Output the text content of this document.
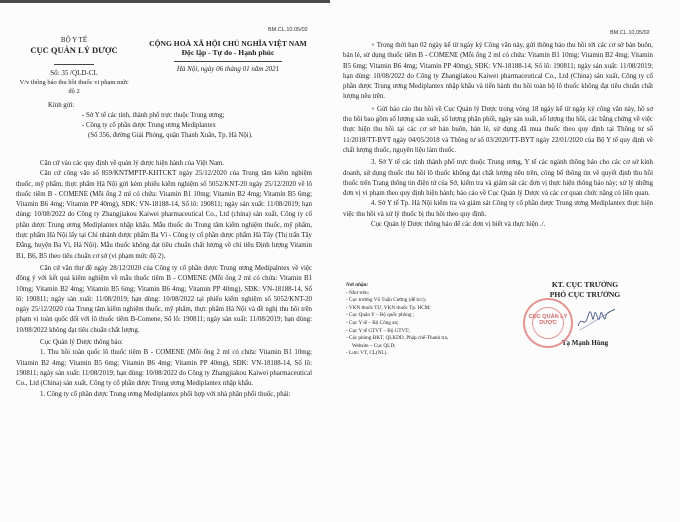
BM.CL.10.05/02
BỘ Y TẾ
CỤC QUẢN LÝ DƯỢC
Số: 35 /QLD-CL
V/v thông báo thu hồi thuốc vi phạm mức độ 2
CỘNG HOÀ XÃ HỘI CHỦ NGHĨA VIỆT NAM
Độc lập - Tự do - Hạnh phúc
Hà Nội, ngày 06 tháng 01 năm 2021
Kính gửi:
- Sở Y tế các tỉnh, thành phố trực thuộc Trung ương;
- Công ty cổ phần dược Trung ương Mediplantex
(Số 356, đường Giải Phóng, quận Thanh Xuân, Tp. Hà Nội).

Căn cứ vào các quy định về quản lý dược hiện hành của Việt Nam.

Căn cứ công văn số 859/KNTMPTP-KHTCKT ngày 25/12/2020 của Trung tâm kiểm nghiệm thuốc, mỹ phẩm, thực phẩm Hà Nội gửi kèm phiếu kiểm nghiệm số 5052/KNT-20 ngày 25/12/2020 về lô thuốc tiêm B - COMENE (Mỗi ống 2 ml có chứa: Vitamin B1 10mg; Vitamin B2 4mg; Vitamin B5 6mg; Vitamin B6 4mg; Vitamin PP 40mg), SĐK: VN-18188-14, Số lô: 190811; ngày sản xuất: 11/08/2019; hạn dùng: 10/08/2022 do Công ty Zhangjiakou Kaiwei pharmaceutical Co., Ltd (china) sản xuất, Công ty cổ phần dược Trung ương Mediplantex nhập khẩu. Mẫu thuốc do Trung tâm kiểm nghiệm thuốc, mỹ phẩm, thực phẩm Hà Nội lấy tại Chi nhánh dược phẩm Ba Vì - Công ty cổ phần dược phẩm Hà Tây (Thị trấn Tây Đằng, huyện Ba Vì, Hà Nội). Mẫu thuốc không đạt tiêu chuẩn chất lượng về chỉ tiêu Định lượng Vitamin B1, B6, B5 theo tiêu chuẩn cơ sở (vi phạm mức độ 2).

Căn cứ văn thư đề ngày 28/12/2020 của Công ty cổ phần dược Trung ương Medipalntex về việc đồng ý với kết quả kiểm nghiệm về mẫu thuốc tiêm B - COMENE (Mỗi ống 2 ml có chứa: Vitamin B1 10mg; Vitamin B2 4mg; Vitamin B5 6mg; Vitamin B6 4mg; Vitamin PP 40mg), SĐK: VN-18188-14, Số lô: 190811; ngày sản xuất: 11/08/2019; hạn dùng: 10/08/2022 tại phiếu kiểm nghiệm số 5052/KNT-20 ngày 25/12/2020 của Trung tâm kiểm nghiệm thuốc, mỹ phẩm, thực phẩm Hà Nội và đề nghị thu hồi trên phạm vi toàn quốc đối với lô thuốc tiêm B-Comene, Số lô: 190811; ngày sản xuất: 11/08/2019; hạn dùng: 10/08/2022 không đạt tiêu chuẩn chất lượng.

Cục Quản lý Dược thông báo:

1. Thu hồi toàn quốc lô thuốc tiêm B - COMENE (Mỗi ống 2 ml có chứa: Vitamin B1 10mg; Vitamin B2 4mg; Vitamin B5 6mg; Vitamin B6 4mg; Vitamin PP 40mg), SĐK: VN-18188-14, Số lô: 190811; ngày sản xuất: 11/08/2019; hạn dùng: 10/08/2022 do Công ty Zhangjiakou Kaiwei pharmaceutical Co., Ltd (China) sản xuất, Công ty cổ phần dược Trung ương Mediplantex nhập khẩu.

1. Công ty cổ phần dược Trung ương Mediplantex phối hợp với nhà phân phối thuốc, phải:

BM.CL.10.05/02

+ Trong thời hạn 02 ngày kể từ ngày ký Công văn này, gửi thông báo thu hồi tới các cơ sở bán buôn, bán lẻ, sử dụng thuốc tiêm B - COMENE (Mỗi ống 2 ml có chứa: Vitamin B1 10mg; Vitamin B2 4mg; Vitamin B5 6mg; Vitamin B6 4mg; Vitamin PP 40mg), SĐK: VN-18188-14, Số lô: 190811; ngày sản xuất: 11/08/2019; hạn dùng: 10/08/2022 do Công ty Zhangjiakou Kaiwei pharmaceutical Co., Ltd (China) sản xuất, Công ty cổ phần dược Trung ương Mediplantex nhập khẩu và tiến hành thu hồi toàn bộ lô thuốc không đạt tiêu chuẩn chất lượng nêu trên.

+ Gửi báo cáo thu hồi về Cục Quản lý Dược trong vòng 18 ngày kể từ ngày ký công văn này, hồ sơ thu hồi bao gồm số lượng sản xuất, số lượng phân phối, ngày sản xuất, số lượng thu hồi, các bằng chứng về việc thực hiện thu hồi tại các cơ sở bán buôn, bán lẻ, sử dụng đã mua thuốc theo quy định tại Thông tư số 11/2018/TT-BYT ngày 04/05/2018 và Thông tư số 03/2020/TT-BYT ngày 22/01/2020 của Bộ Y tế quy định về chất lượng thuốc, nguyên liệu làm thuốc.

3. Sở Y tế các tỉnh thành phố trực thuộc Trung ương, Y tế các ngành thông báo cho các cơ sở kinh doanh, sử dụng thuốc thu hồi lô thuốc không đạt chất lượng nêu trên, công bố thông tin về quyết định thu hồi thuốc trên Trang thông tin điện tử của Sở, kiểm tra và giám sát các đơn vị thực hiện thông báo này; xử lý những đơn vị vi phạm theo quy định hiện hành; báo cáo về Cục Quản lý Dược và các cơ quan chức năng có liên quan.

4. Sở Y tế Tp. Hà Nội kiểm tra và giám sát Công ty cổ phần dược Trung ương Mediplantex thực hiện việc thu hồi và xử lý thuốc bị thu hồi theo quy định.

Cục Quản lý Dược thông báo để các đơn vị biết và thực hiện ./.

Nơi nhận:
- Như trên;
- Cục trưởng Vũ Tuấn Cường (để b/c);
- VKN thuốc TƯ, VKN thuốc Tp. HCM;
- Cục Quân Y – Bộ quốc phòng ;
- Cục Y tế – Bộ Công an;
- Cục Y tế GTVT – Bộ GTVT;
- Các phòng ĐKT, QLKDD, Pháp chế-Thanh tra,
Website – Cục QLD;
- Lưu: VT, CL(NL).
KT. CỤC TRƯỞNG
PHÓ CỤC TRƯỞNG
CỤC QUẢN LÝ DƯỢC
Tạ Mạnh Hùng
